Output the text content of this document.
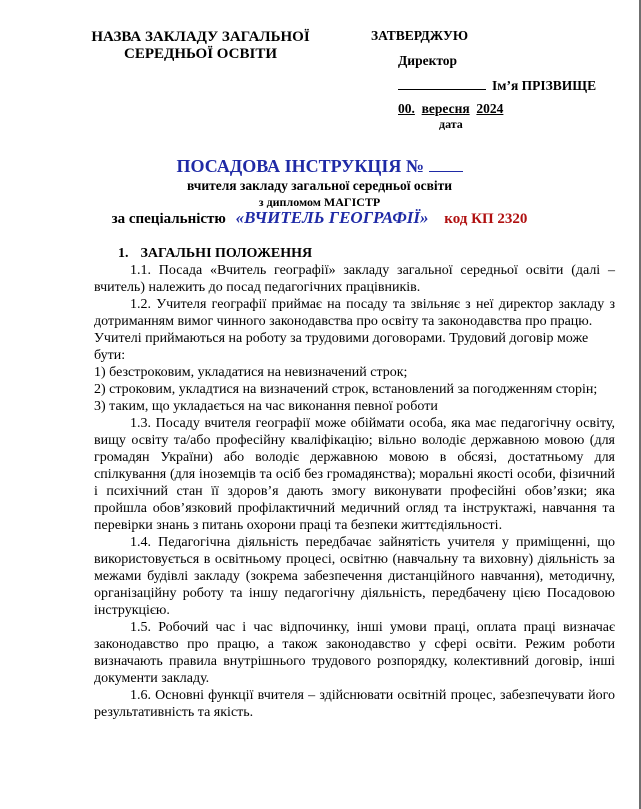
НАЗВА ЗАКЛАДУ ЗАГАЛЬНОЇ СЕРЕДНЬОЇ ОСВІТИ
ЗАТВЕРДЖУЮ
Директор
Ім’я ПРІЗВИЩЕ
00. вересня 2024
дата
ПОСАДОВА ІНСТРУКЦІЯ №
вчителя закладу загальної середньої освіти
з дипломом МАГІСТР
за спеціальністю «ВЧИТЕЛЬ ГЕОГРАФІЇ» код КП 2320
1. ЗАГАЛЬНІ ПОЛОЖЕННЯ

1.1. Посада «Вчитель географії» закладу загальної середньої освіти (далі – вчитель) належить до посад педагогічних працівників.

1.2. Учителя географії приймає на посаду та звільняє з неї директор закладу з дотриманням вимог чинного законодавства про освіту та законодавства про працю.

Учителі приймаються на роботу за трудовими договорами. Трудовий договір може бути:

1) безстроковим, укладатися на невизначений строк;

2) строковим, укладтися на визначений строк, встановлений за погодженням сторін;

3) таким, що укладається на час виконання певної роботи

1.3. Посаду вчителя географії може обіймати особа, яка має педагогічну освіту, вищу освіту та/або професійну кваліфікацію; вільно володіє державною мовою (для громадян України) або володіє державною мовою в обсязі, достатньому для спілкування (для іноземців та осіб без громадянства); моральні якості особи, фізичний і психічний стан її здоров’я дають змогу виконувати професійні обов’язки; яка пройшла обов’язковий профілактичний медичний огляд та інструктажі, навчання та перевірки знань з питань охорони праці та безпеки життєдіяльності.

1.4. Педагогічна діяльність передбачає зайнятість учителя у приміщенні, що використовується в освітньому процесі, освітню (навчальну та виховну) діяльність за межами будівлі закладу (зокрема забезпечення дистанційного навчання), методичну, організаційну роботу та іншу педагогічну діяльність, передбачену цією Посадовою інструкцією.

1.5. Робочий час і час відпочинку, інші умови праці, оплата праці визначає законодавство про працю, а також законодавство у сфері освіти. Режим роботи визначають правила внутрішнього трудового розпорядку, колективний договір, інші документи закладу.

1.6. Основні функції вчителя – здійснювати освітній процес, забезпечувати його результативність та якість.
